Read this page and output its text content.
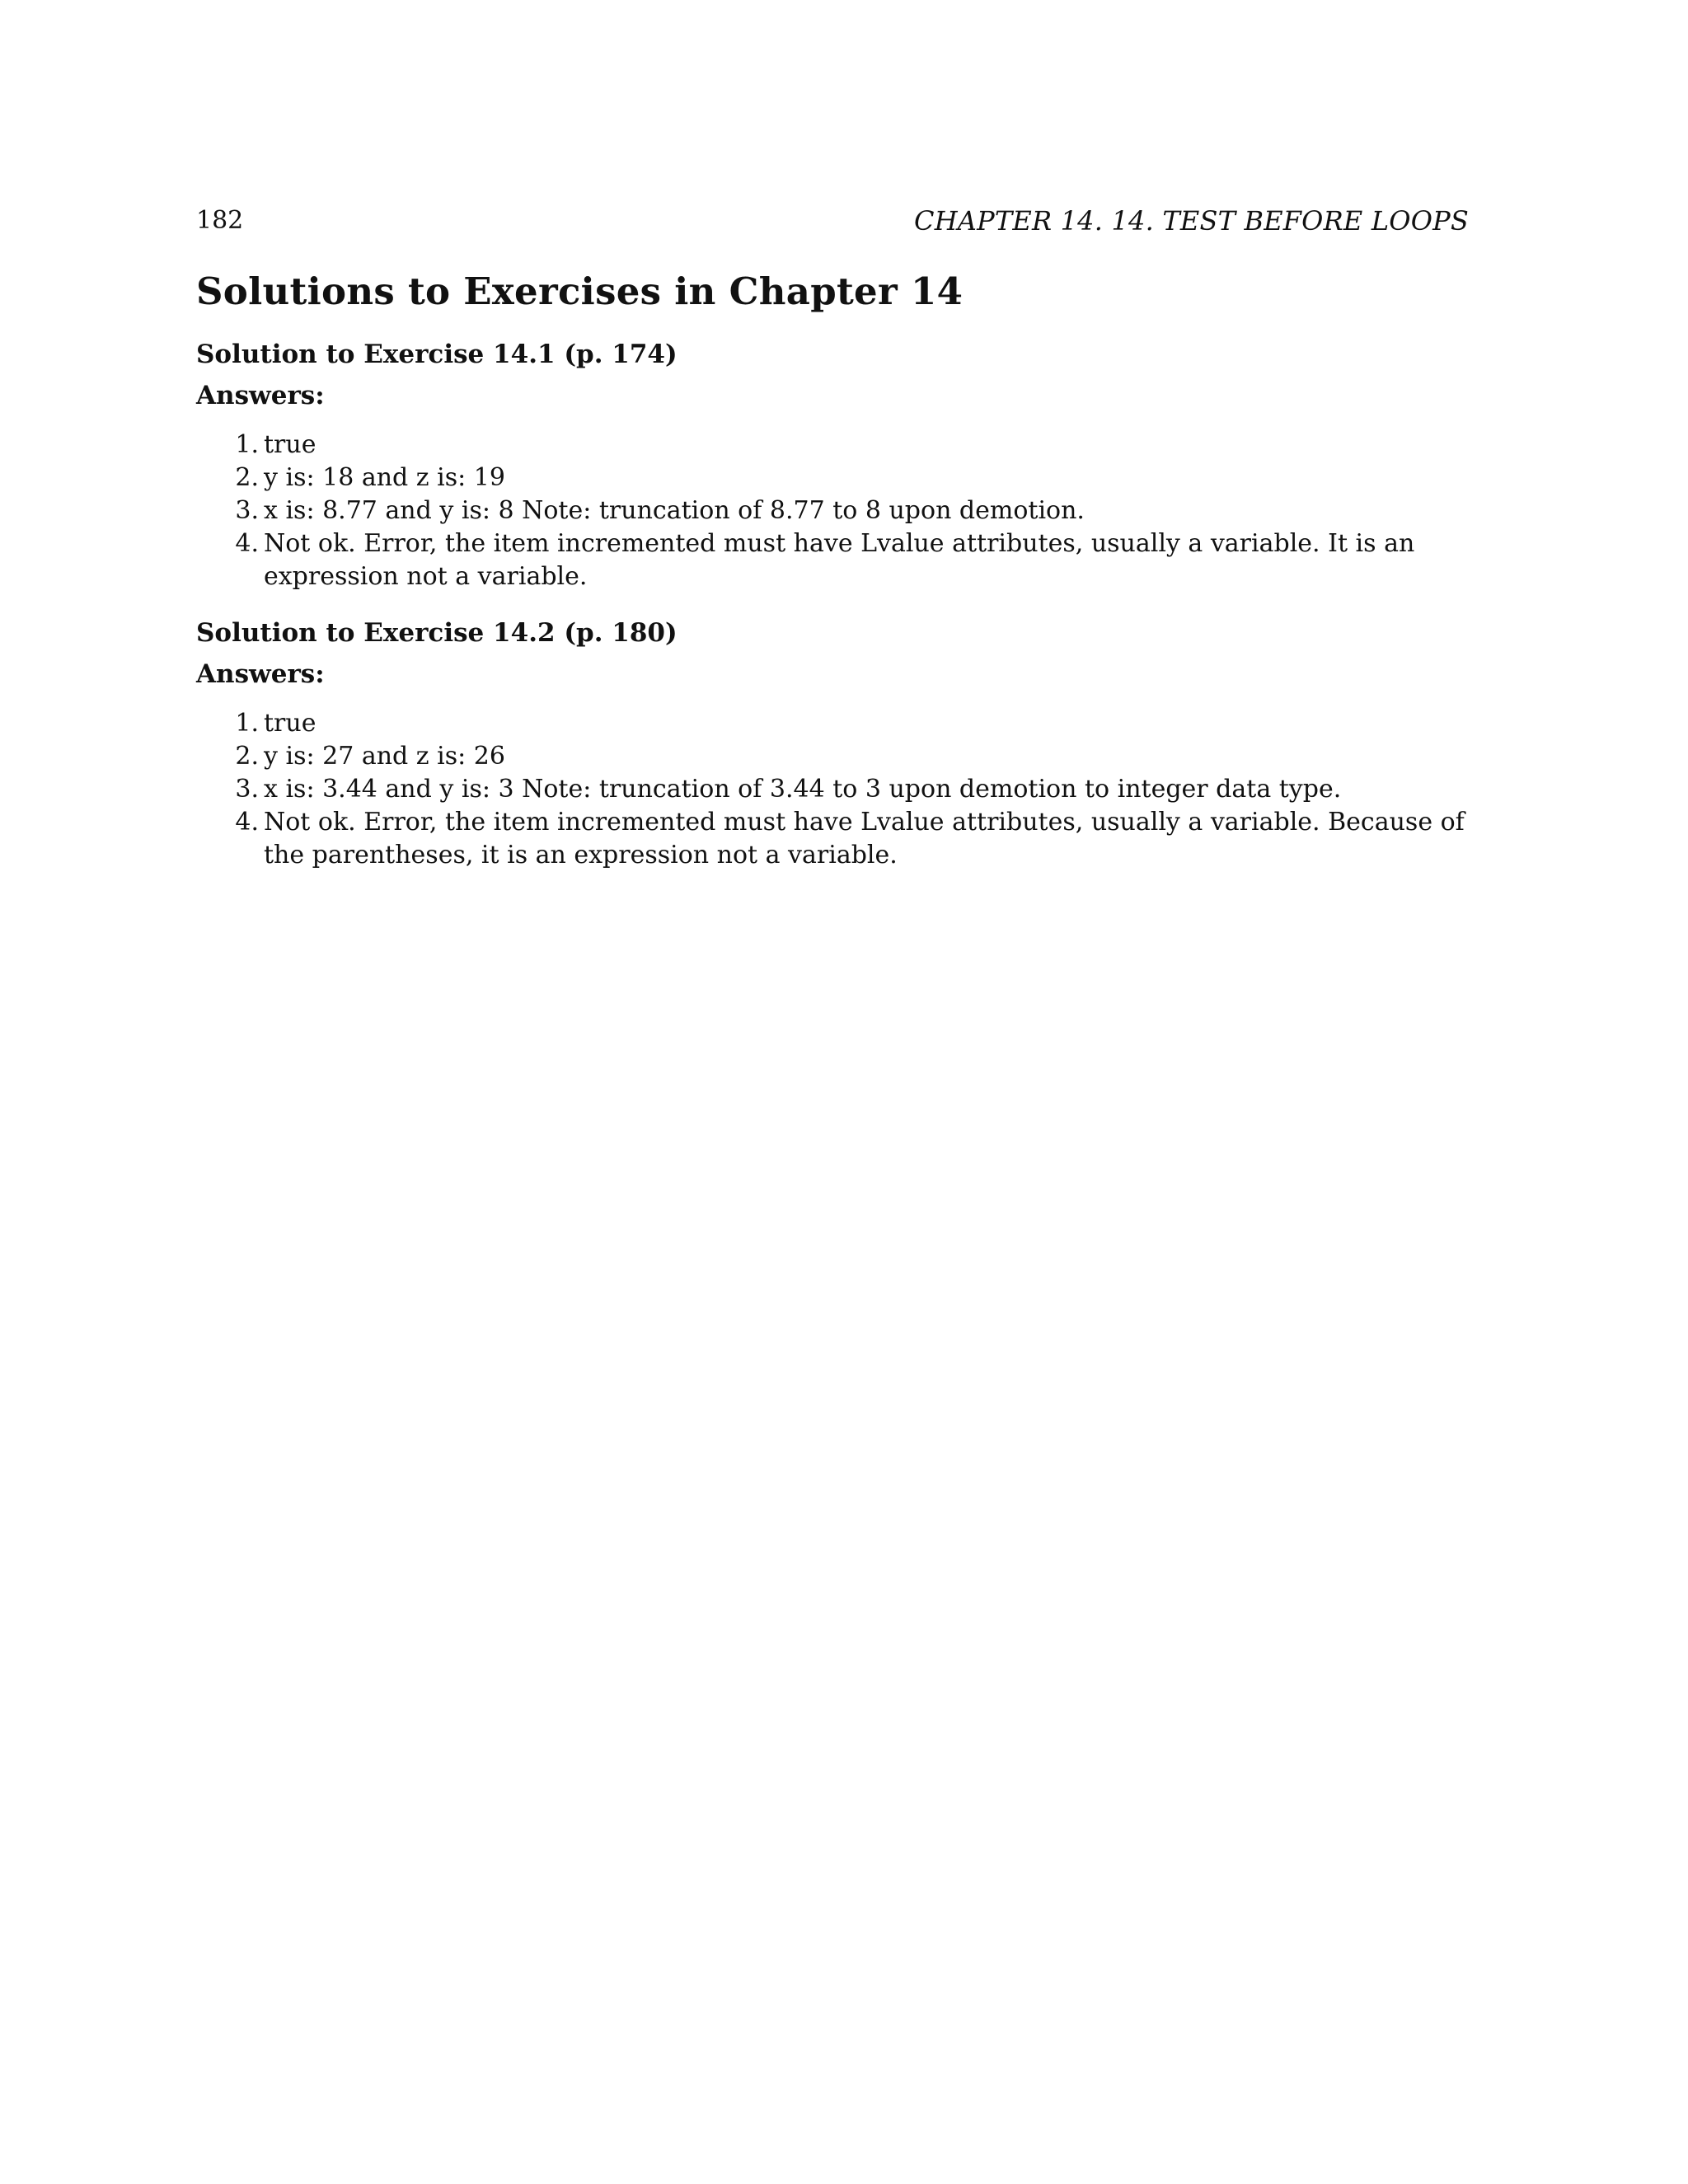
182	CHAPTER 14. 14. TEST BEFORE LOOPS
Solutions to Exercises in Chapter 14
Solution to Exercise 14.1 (p. 174)
Answers:
1. true
2. y is: 18 and z is: 19
3. x is: 8.77 and y is: 8 Note: truncation of 8.77 to 8 upon demotion.
4. Not ok. Error, the item incremented must have Lvalue attributes, usually a variable. It is an expression not a variable.
Solution to Exercise 14.2 (p. 180)
Answers:
1. true
2. y is: 27 and z is: 26
3. x is: 3.44 and y is: 3 Note: truncation of 3.44 to 3 upon demotion to integer data type.
4. Not ok. Error, the item incremented must have Lvalue attributes, usually a variable. Because of the parentheses, it is an expression not a variable.
